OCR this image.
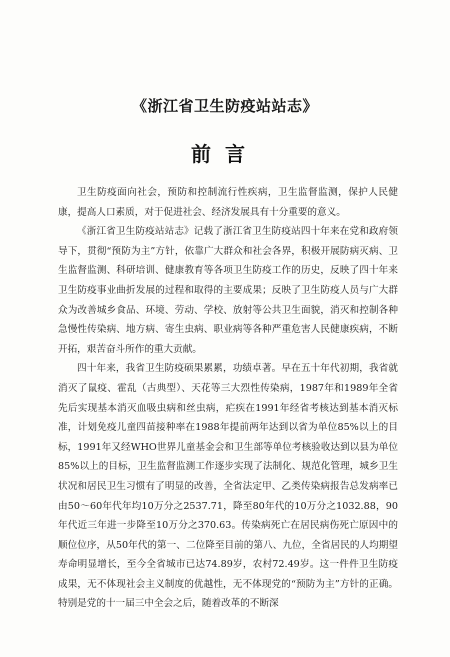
《浙江省卫生防疫站站志》
前言

卫生防疫面向社会，预防和控制流行性疾病，卫生监督监测，保护人民健康，提高人口素质，对于促进社会、经济发展具有十分重要的意义。

《浙江省卫生防疫站站志》记载了浙江省卫生防疫站四十年来在党和政府领导下，贯彻“预防为主”方针，依靠广大群众和社会各界，积极开展防病灭病、卫生监督监测、科研培训、健康教育等各项卫生防疫工作的历史，反映了四十年来卫生防疫事业曲折发展的过程和取得的主要成果；反映了卫生防疫人员与广大群众为改善城乡食品、环境、劳动、学校、放射等公共卫生面貌，消灭和控制各种急慢性传染病、地方病、寄生虫病、职业病等各种严重危害人民健康疾病，不断开拓，艰苦奋斗所作的重大贡献。

四十年来，我省卫生防疫硕果累累，功绩卓著。早在五十年代初期，我省就消灭了鼠疫、霍乱（古典型）、天花等三大烈性传染病，1987年和1989年全省先后实现基本消灭血吸虫病和丝虫病，疟疾在1991年经省考核达到基本消灭标准，计划免疫儿童四苗接种率在1988年提前两年达到以省为单位85%以上的目标，1991年又经WHO世界儿童基金会和卫生部等单位考核验收达到以县为单位85%以上的目标，卫生监督监测工作逐步实现了法制化、规范化管理，城乡卫生状况和居民卫生习惯有了明显的改善，全省法定甲、乙类传染病报告总发病率已由50～60年代年均10万分之2537.71，降至80年代的10万分之1032.88，90年代近三年进一步降至10万分之370.63。传染病死亡在居民病伤死亡原因中的顺位位序，从50年代的第一、二位降至目前的第八、九位，全省居民的人均期望寿命明显增长，至今全省城市已达74.89岁，农村72.49岁。这一件件卫生防疫成果，无不体现社会主义制度的优越性，无不体现党的“预防为主”方针的正确。特别是党的十一届三中全会之后，随着改革的不断深
